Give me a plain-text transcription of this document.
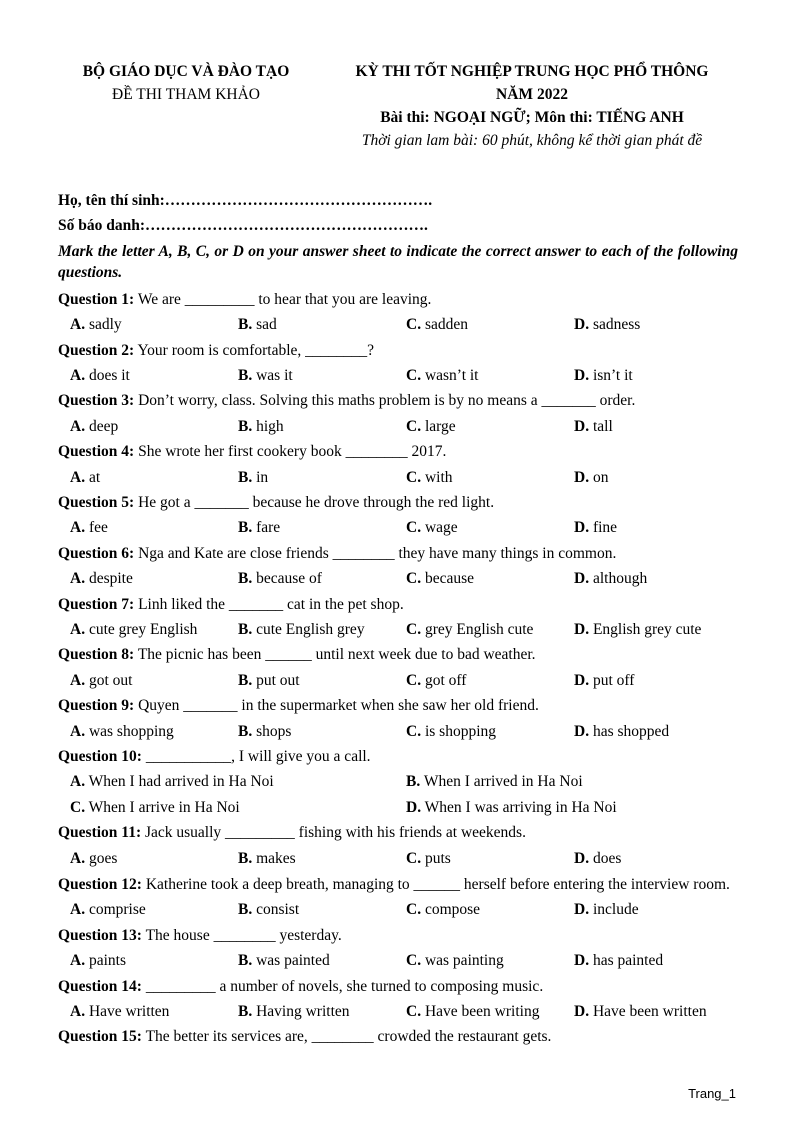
BỘ GIÁO DỤC VÀ ĐÀO TẠO
ĐỀ THI THAM KHẢO
KỲ THI TỐT NGHIỆP TRUNG HỌC PHỔ THÔNG
NĂM 2022
Bài thi: NGOẠI NGỮ; Môn thi: TIẾNG ANH
Thời gian lam bài: 60 phút, không kể thời gian phát đề
Họ, tên thí sinh:…………………………………………….
Số báo danh:……………………………………………….
Mark the letter A, B, C, or D on your answer sheet to indicate the correct answer to each of the following questions.
Question 1: We are _________ to hear that you are leaving.
A. sadly	B. sad	C. sadden	D. sadness
Question 2: Your room is comfortable, ________?
A. does it	B. was it	C. wasn’t it	D. isn’t it
Question 3: Don’t worry, class. Solving this maths problem is by no means a _______ order.
A. deep	B. high	C. large	D. tall
Question 4: She wrote her first cookery book ________ 2017.
A. at	B. in	C. with	D. on
Question 5: He got a _______ because he drove through the red light.
A. fee	B. fare	C. wage	D. fine
Question 6: Nga and Kate are close friends ________ they have many things in common.
A. despite	B. because of	C. because	D. although
Question 7: Linh liked the _______ cat in the pet shop.
A. cute grey English	B. cute English grey	C. grey English cute	D. English grey cute
Question 8: The picnic has been ______ until next week due to bad weather.
A. got out	B. put out	C. got off	D. put off
Question 9: Quyen _______ in the supermarket when she saw her old friend.
A. was shopping	B. shops	C. is shopping	D. has shopped
Question 10: ___________, I will give you a call.
A. When I had arrived in Ha Noi	B. When I arrived in Ha Noi
C. When I arrive in Ha Noi	D. When I was arriving in Ha Noi
Question 11: Jack usually _________ fishing with his friends at weekends.
A. goes	B. makes	C. puts	D. does
Question 12: Katherine took a deep breath, managing to ______ herself before entering the interview room.
A. comprise	B. consist	C. compose	D. include
Question 13: The house ________ yesterday.
A. paints	B. was painted	C. was painting	D. has painted
Question 14: _________ a number of novels, she turned to composing music.
A. Have written	B. Having written	C. Have been writing D. Have been written
Question 15: The better its services are, ________ crowded the restaurant gets.
Trang_1
